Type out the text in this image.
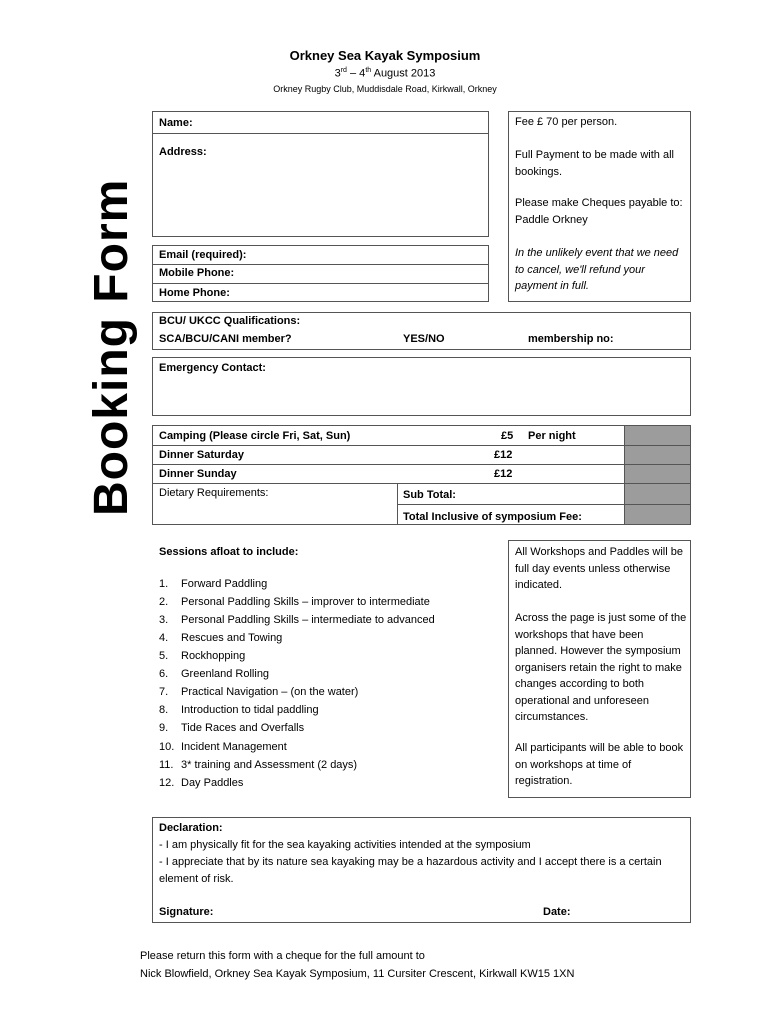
Orkney Sea Kayak Symposium
3rd – 4th August 2013
Orkney Rugby Club, Muddisdale Road, Kirkwall, Orkney
Booking Form
Name:
Address:
Email (required):
Mobile Phone:
Home Phone:
Fee £ 70 per person.
Full Payment to be made with all bookings.
Please make Cheques payable to: Paddle Orkney
In the unlikely event that we need to cancel, we'll refund your payment in full.
BCU/ UKCC Qualifications:
SCA/BCU/CANI member?	YES/NO	membership no:
Emergency Contact:
Camping (Please circle Fri, Sat, Sun)	£5 Per night
Dinner Saturday	£12
Dinner Sunday	£12
Dietary Requirements:	Sub Total:
Total Inclusive of symposium Fee:
Sessions afloat to include:
1. Forward Paddling
2. Personal Paddling Skills – improver to intermediate
3. Personal Paddling Skills – intermediate to advanced
4. Rescues and Towing
5. Rockhopping
6. Greenland Rolling
7. Practical Navigation – (on the water)
8. Introduction to tidal paddling
9. Tide Races and Overfalls
10. Incident Management
11. 3* training and Assessment (2 days)
12. Day Paddles
All Workshops and Paddles will be full day events unless otherwise indicated.
Across the page is just some of the workshops that have been planned. However the symposium organisers retain the right to make changes according to both operational and unforeseen circumstances.
All participants will be able to book on workshops at time of registration.
Declaration:
- I am physically fit for the sea kayaking activities intended at the symposium
- I appreciate that by its nature sea kayaking may be a hazardous activity and I accept there is a certain element of risk.
Signature:	Date:
Please return this form with a cheque for the full amount to
Nick Blowfield, Orkney Sea Kayak Symposium, 11 Cursiter Crescent, Kirkwall KW15 1XN
